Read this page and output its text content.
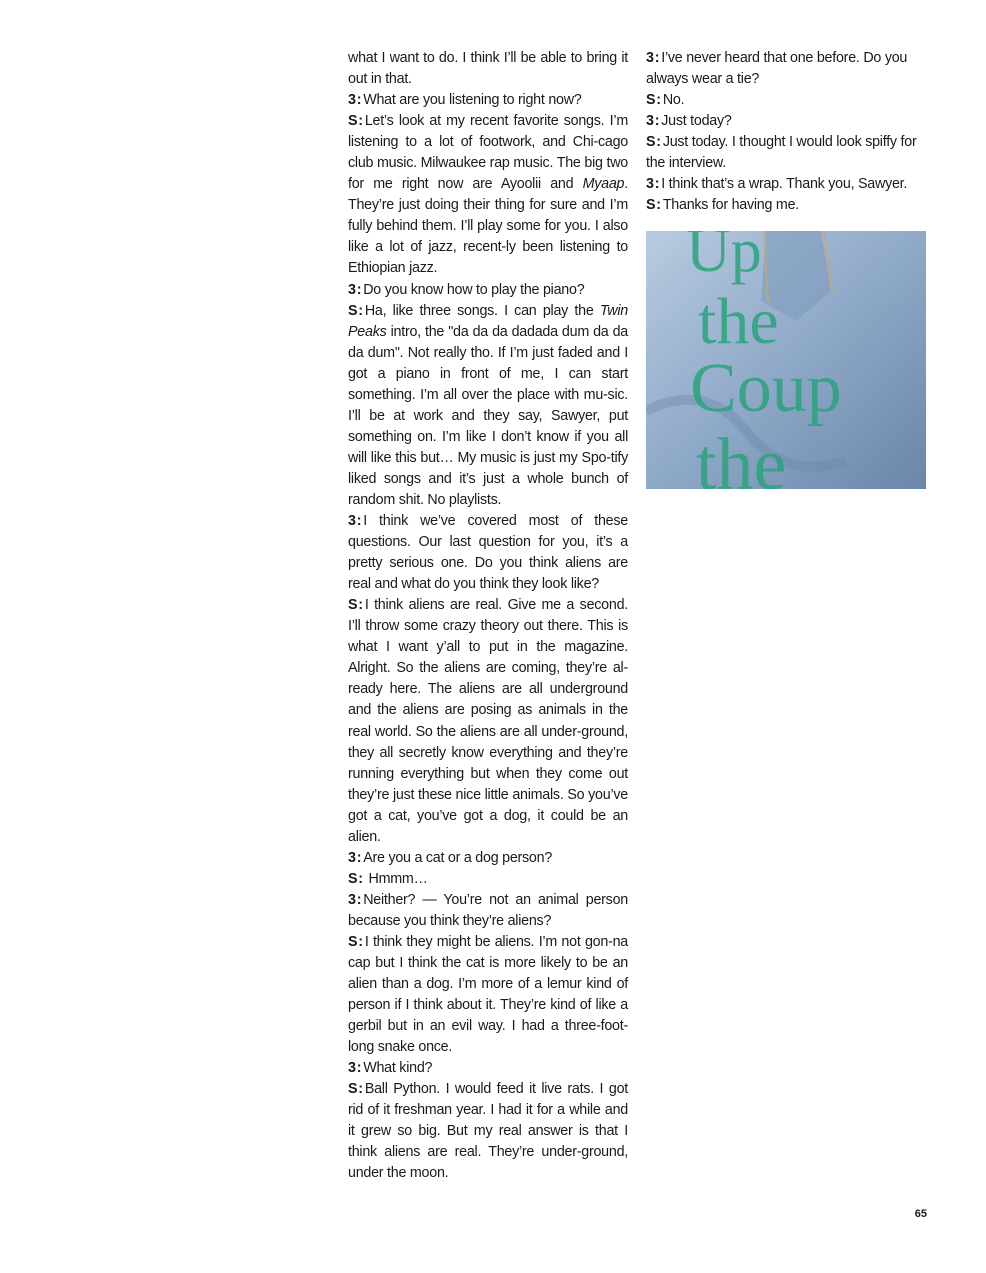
what I want to do. I think I’ll be able to bring it out in that.

3 : What are you listening to right now?

S : Let’s look at my recent favorite songs. I’m listening to a lot of footwork, and Chi-cago club music. Milwaukee rap music. The big two for me right now are Ayoolii and Myaap. They’re just doing their thing for sure and I’m fully behind them. I’ll play some for you. I also like a lot of jazz, recent-ly been listening to Ethiopian jazz.

3 : Do you know how to play the piano?

S : Ha, like three songs. I can play the Twin Peaks intro, the "da da da dadada dum da da da dum". Not really tho. If I’m just faded and I got a piano in front of me, I can start something. I’m all over the place with mu-sic. I’ll be at work and they say, Sawyer, put something on. I’m like I don’t know if you all will like this but… My music is just my Spo-tify liked songs and it’s just a whole bunch of random shit. No playlists.

3 : I think we’ve covered most of these questions. Our last question for you, it’s a pretty serious one. Do you think aliens are real and what do you think they look like?

S : I think aliens are real. Give me a second. I’ll throw some crazy theory out there. This is what I want y’all to put in the magazine. Alright. So the aliens are coming, they’re al-ready here. The aliens are all underground and the aliens are posing as animals in the real world. So the aliens are all under-ground, they all secretly know everything and they’re running everything but when they come out they’re just these nice little animals. So you’ve got a cat, you’ve got a dog, it could be an alien.

3 : Are you a cat or a dog person?

S : Hmmm…

3 : Neither? — You’re not an animal person because you think they’re aliens?

S : I think they might be aliens. I’m not gon-na cap but I think the cat is more likely to be an alien than a dog. I’m more of a lemur kind of person if I think about it. They’re kind of like a gerbil but in an evil way. I had a three-foot-long snake once.

3 : What kind?

S : Ball Python. I would feed it live rats. I got rid of it freshman year. I had it for a while and it grew so big. But my real answer is that I think aliens are real. They’re under-ground, under the moon.

3 : I’ve never heard that one before. Do you always wear a tie?

S : No.

3 : Just today?

S : Just today. I thought I would look spiffy for the interview.

3 : I think that’s a wrap. Thank you, Sawyer.

S : Thanks for having me.

Up
the
Coup
the
65
